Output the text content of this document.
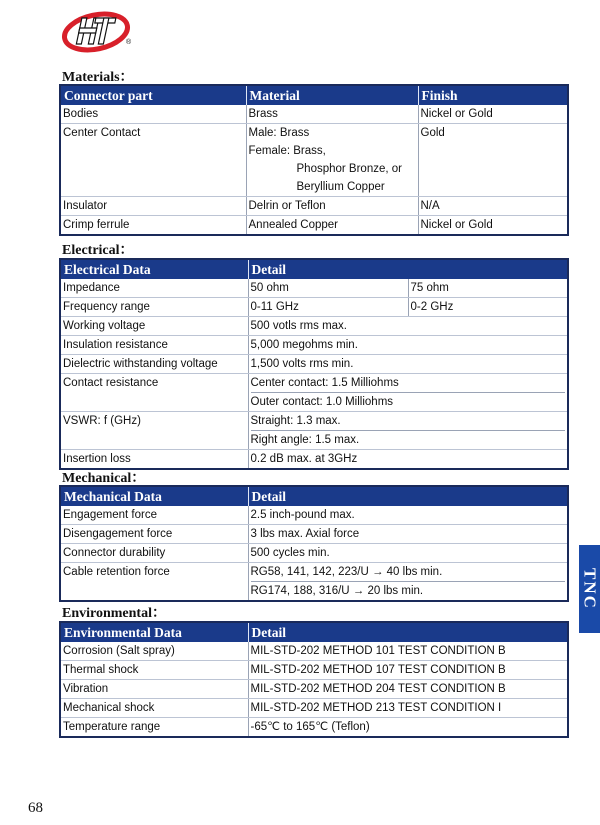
®
Materials：
Connector part	Material	Finish
Bodies	Brass	Nickel or Gold
Center Contact	Male: Brass
Female: Brass,
Phosphor Bronze, or
Beryllium Copper	Gold
Insulator	Delrin or Teflon	N/A
Crimp ferrule	Annealed Copper	Nickel or Gold
Electrical：
Electrical Data	Detail	
Impedance	50 ohm	75 ohm
Frequency range	0-11 GHz	0-2 GHz
Working voltage	500 votls rms max.	
Insulation resistance	5,000 megohms min.	
Dielectric withstanding voltage	1,500 volts rms min.	
Contact resistance	Center contact: 1.5 Milliohms
Outer contact: 1.0 Milliohms	

VSWR: f (GHz)	Straight: 1.3 max.
Right angle: 1.5 max.	

Insertion loss	0.2 dB max. at 3GHz	
Mechanical：
Mechanical Data	Detail
Engagement force	2.5 inch-pound max.
Disengagement force	3 lbs max. Axial force
Connector durability	500 cycles min.
Cable retention force	RG58, 141, 142, 223/U → 40 lbs min.
RG174, 188, 316/U → 20 lbs min.
Environmental：
Environmental Data	Detail
Corrosion (Salt spray)	MIL-STD-202 METHOD 101 TEST CONDITION B
Thermal shock	MIL-STD-202 METHOD 107 TEST CONDITION B
Vibration	MIL-STD-202 METHOD 204 TEST CONDITION B
Mechanical shock	MIL-STD-202 METHOD 213 TEST CONDITION I
Temperature range	-65℃ to 165℃ (Teflon)
TNC
68
